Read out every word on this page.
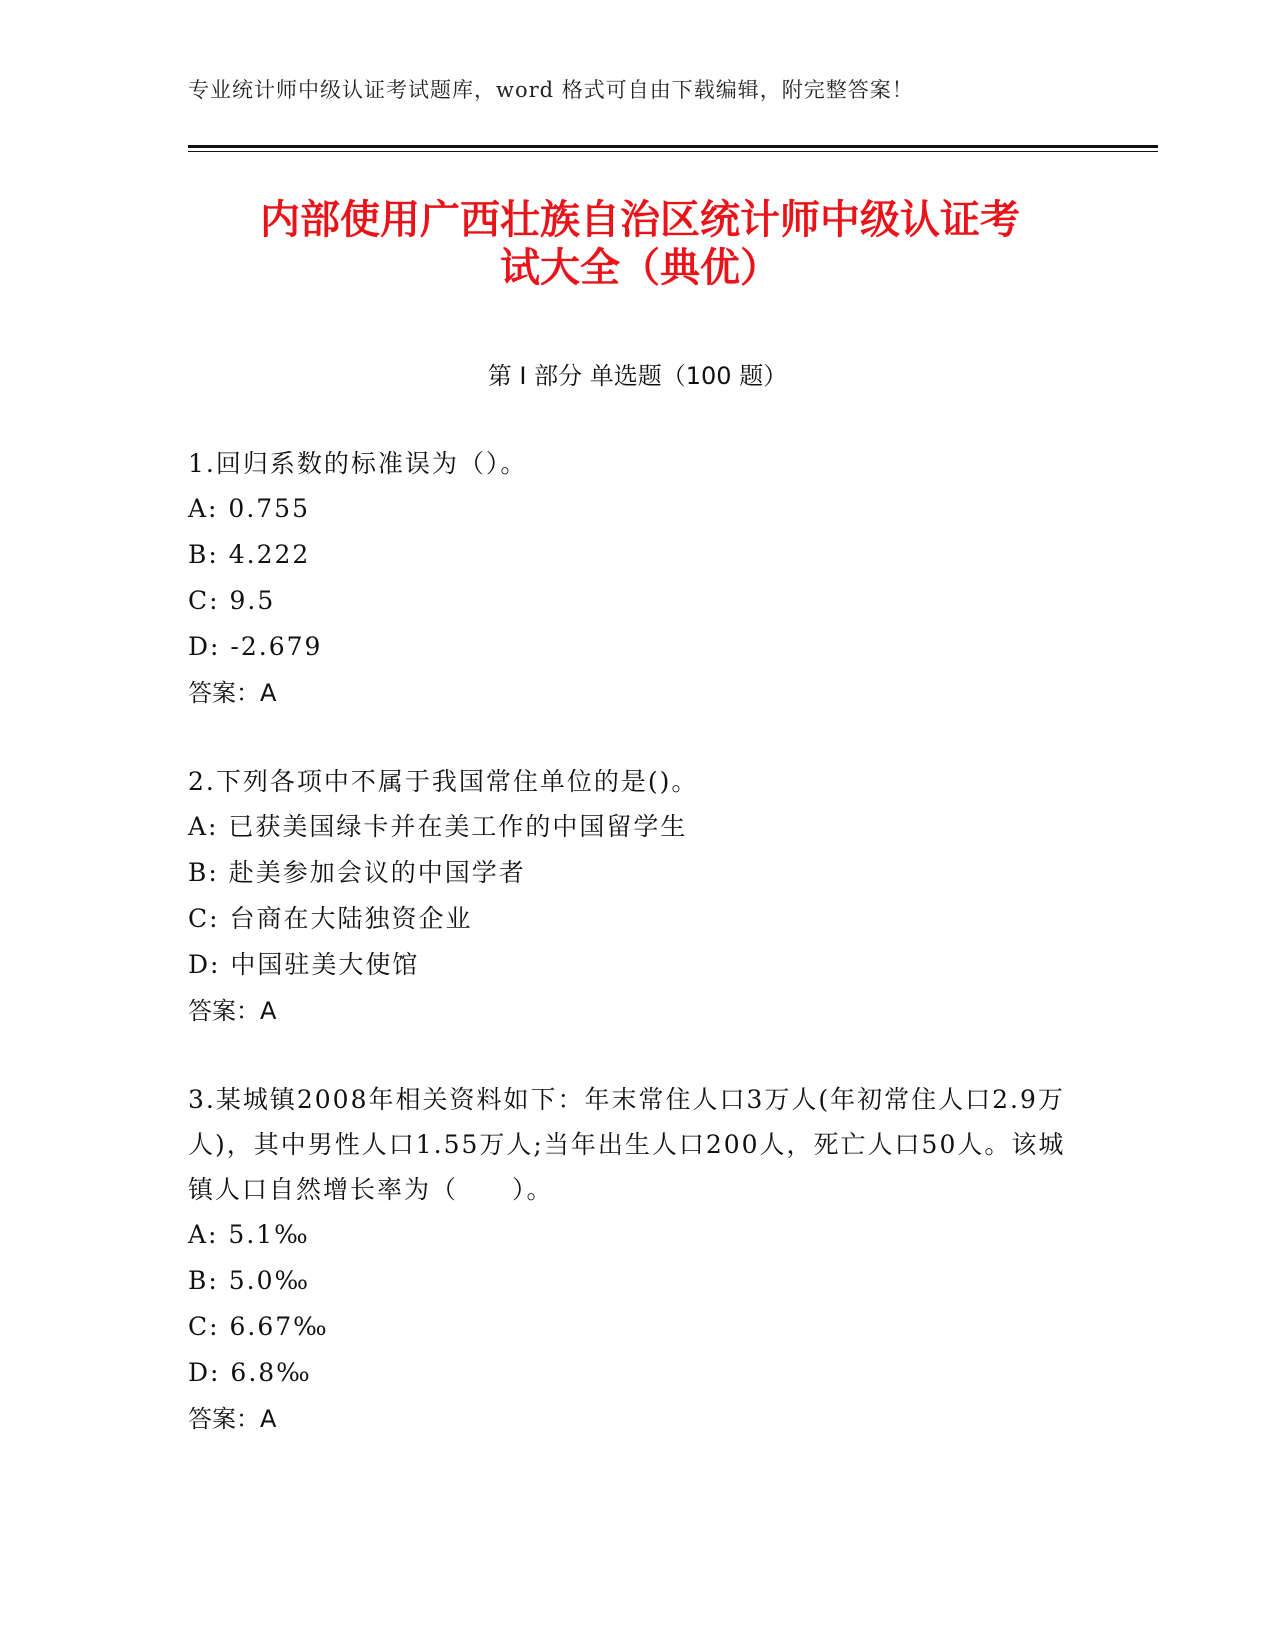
专业统计师中级认证考试题库，word 格式可自由下载编辑，附完整答案！
内部使用广西壮族自治区统计师中级认证考
试大全（典优）
第 I 部分 单选题（100 题）

1.回归系数的标准误为（）。

A: 0.755

B: 4.222

C: 9.5

D: -2.679

答案：A

2.下列各项中不属于我国常住单位的是()。

A: 已获美国绿卡并在美工作的中国留学生

B: 赴美参加会议的中国学者

C: 台商在大陆独资企业

D: 中国驻美大使馆

答案：A

3.某城镇2008年相关资料如下：年末常住人口3万人(年初常住人口2.9万人)，其中男性人口1.55万人;当年出生人口200人，死亡人口50人。该城镇人口自然增长率为（　　）。

A: 5.1‰

B: 5.0‰

C: 6.67‰

D: 6.8‰

答案：A
